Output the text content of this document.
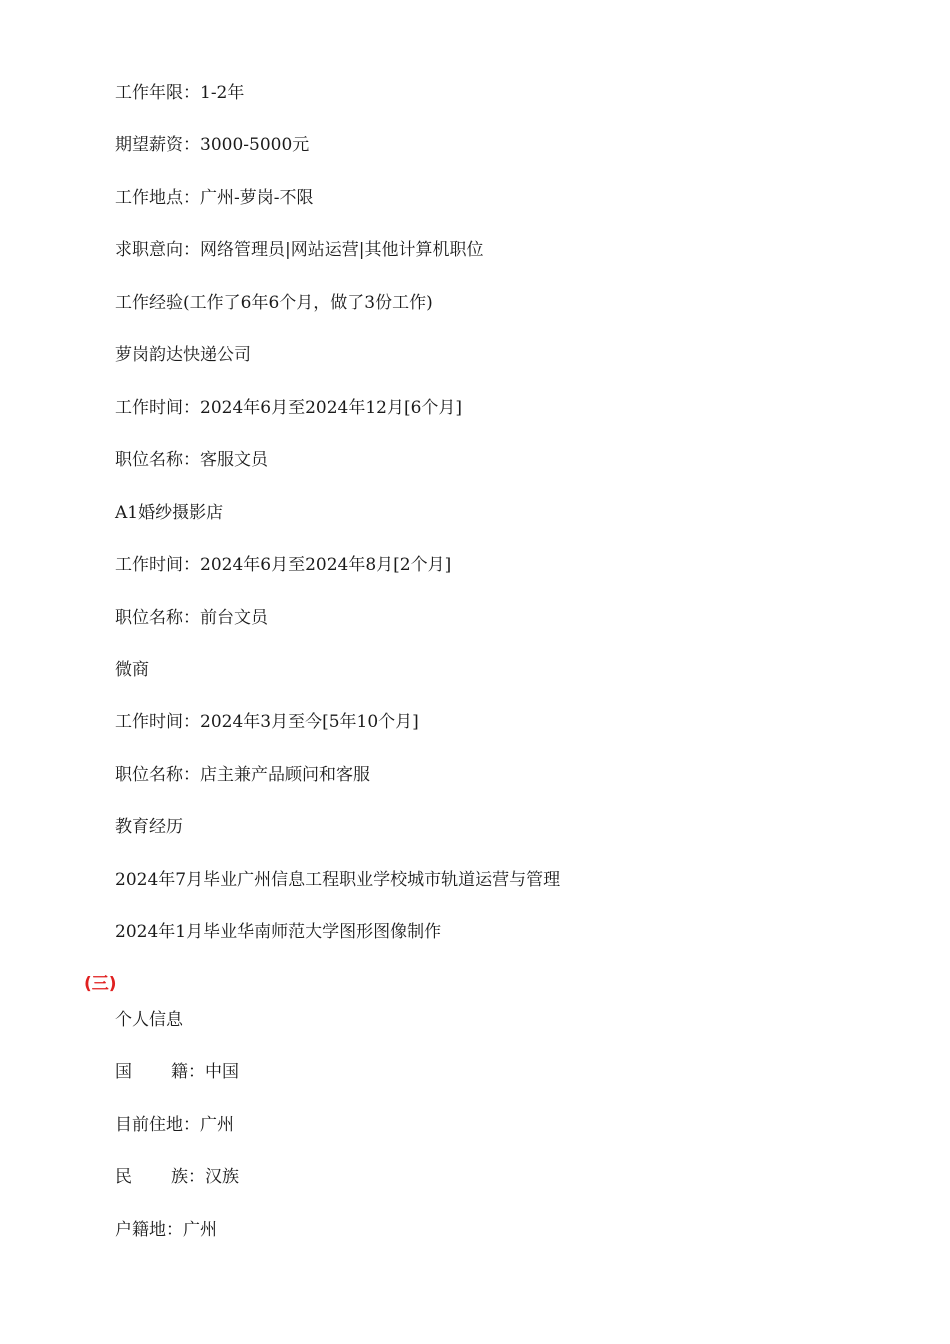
工作年限：1-2年
期望薪资：3000-5000元
工作地点：广州-萝岗-不限
求职意向：网络管理员|网站运营|其他计算机职位
工作经验(工作了6年6个月，做了3份工作)
萝岗韵达快递公司
工作时间：2024年6月至2024年12月[6个月]
职位名称：客服文员
A1婚纱摄影店
工作时间：2024年6月至2024年8月[2个月]
职位名称：前台文员
微商
工作时间：2024年3月至今[5年10个月]
职位名称：店主兼产品顾问和客服
教育经历
2024年7月毕业广州信息工程职业学校城市轨道运营与管理
2024年1月毕业华南师范大学图形图像制作
(三)
个人信息
国 籍：中国
目前住地：广州
民 族：汉族
户籍地：广州
